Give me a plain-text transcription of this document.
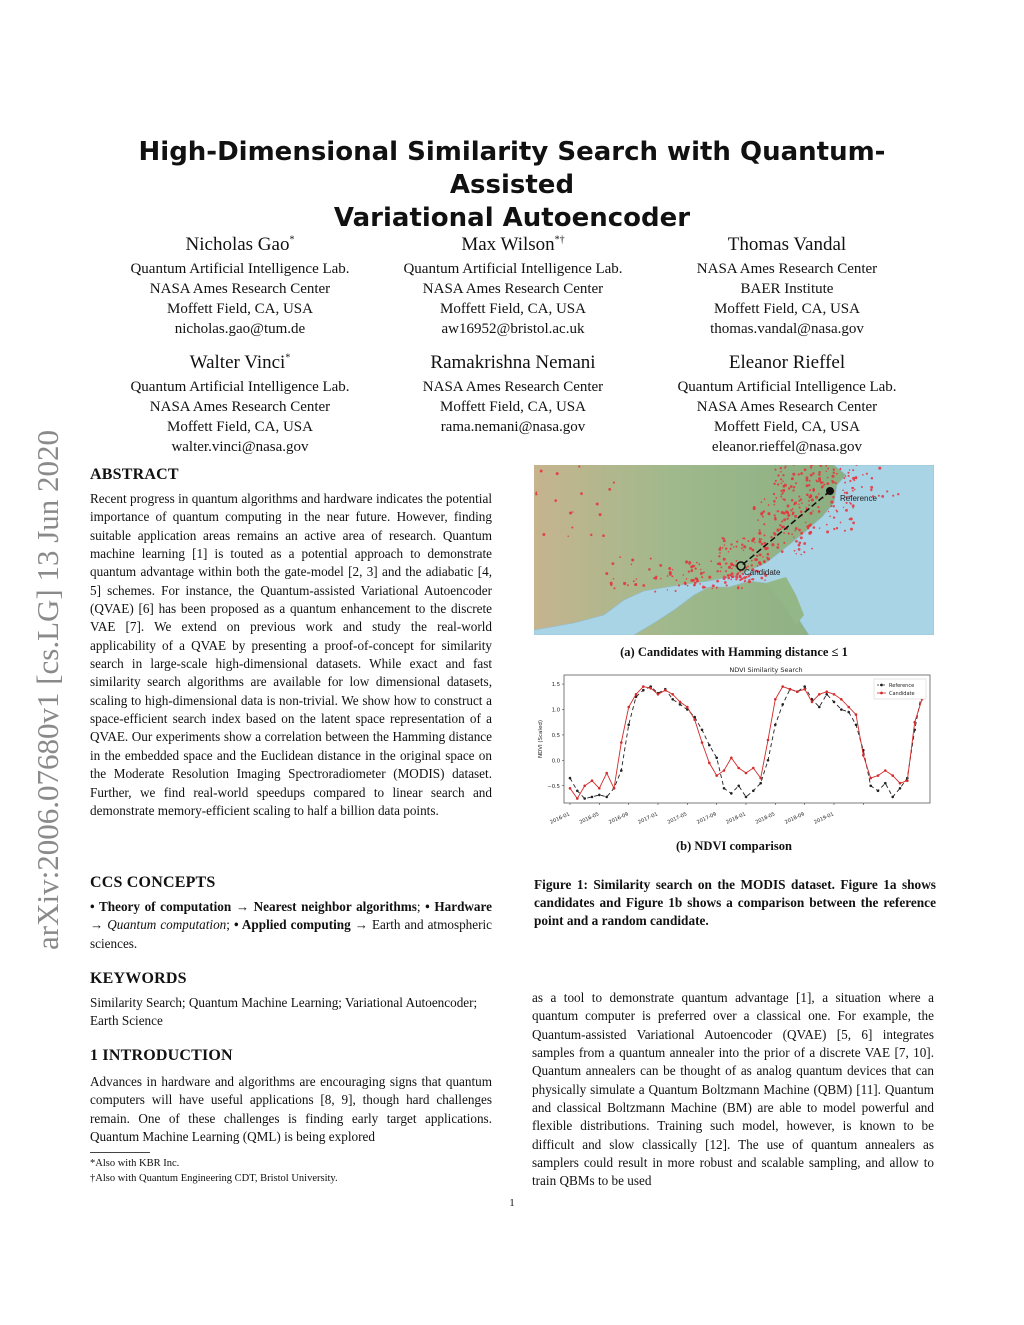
arXiv:2006.07680v1 [cs.LG] 13 Jun 2020
High-Dimensional Similarity Search with Quantum-Assisted
Variational Autoencoder
Nicholas Gao*
Quantum Artificial Intelligence Lab.
NASA Ames Research Center
Moffett Field, CA, USA
nicholas.gao@tum.de
Max Wilson*†
Quantum Artificial Intelligence Lab.
NASA Ames Research Center
Moffett Field, CA, USA
aw16952@bristol.ac.uk
Thomas Vandal
NASA Ames Research Center
BAER Institute
Moffett Field, CA, USA
thomas.vandal@nasa.gov
Walter Vinci*
Quantum Artificial Intelligence Lab.
NASA Ames Research Center
Moffett Field, CA, USA
walter.vinci@nasa.gov
Ramakrishna Nemani
NASA Ames Research Center
Moffett Field, CA, USA
rama.nemani@nasa.gov
Eleanor Rieffel
Quantum Artificial Intelligence Lab.
NASA Ames Research Center
Moffett Field, CA, USA
eleanor.rieffel@nasa.gov
ABSTRACT

Recent progress in quantum algorithms and hardware indicates the potential importance of quantum computing in the near future. However, finding suitable application areas remains an active area of research. Quantum machine learning [1] is touted as a potential approach to demonstrate quantum advantage within both the gate-model [2, 3] and the adiabatic [4, 5] schemes. For instance, the Quantum-assisted Variational Autoencoder (QVAE) [6] has been proposed as a quantum enhancement to the discrete VAE [7]. We extend on previous work and study the real-world applicability of a QVAE by presenting a proof-of-concept for similarity search in large-scale high-dimensional datasets. While exact and fast similarity search algorithms are available for low dimensional datasets, scaling to high-dimensional data is non-trivial. We show how to construct a space-efficient search index based on the latent space representation of a QVAE. Our experiments show a correlation between the Hamming distance in the embedded space and the Euclidean distance in the original space on the Moderate Resolution Imaging Spectroradiometer (MODIS) dataset. Further, we find real-world speedups compared to linear search and demonstrate memory-efficient scaling to half a billion data points.

CCS CONCEPTS

• Theory of computation → Nearest neighbor algorithms; • Hardware → Quantum computation; • Applied computing → Earth and atmospheric sciences.

KEYWORDS

Similarity Search; Quantum Machine Learning; Variational Autoencoder; Earth Science

1 INTRODUCTION

Advances in hardware and algorithms are encouraging signs that quantum computers will have useful applications [8, 9], though hard challenges remain. One of these challenges is finding early target applications. Quantum Machine Learning (QML) is being explored

as a tool to demonstrate quantum advantage [1], a situation where a quantum computer is preferred over a classical one. For example, the Quantum-assisted Variational Autoencoder (QVAE) [5, 6] integrates samples from a quantum annealer into the prior of a discrete VAE [7, 10]. Quantum annealers can be thought of as analog quantum devices that can physically simulate a Quantum Boltzmann Machine (QBM) [11]. Quantum and classical Boltzmann Machine (BM) are able to model powerful and flexible distributions. Training such model, however, is known to be difficult and slow classically [12]. The use of quantum annealers as samplers could result in more robust and scalable sampling, and allow to train QBMs to be used

*Also with KBR Inc.
†Also with Quantum Engineering CDT, Bristol University.
1
Reference
Candidate
(a) Candidates with Hamming distance ≤ 1
NDVI Similarity Search
NDVI (Scaled)
−0.5
0.0
0.5
1.0
1.5
2016-01 2016-05 2016-09 2017-01 2017-05 2017-09 2018-01 2018-05 2018-09 2019-01
Reference
Candidate
(b) NDVI comparison
Figure 1: Similarity search on the MODIS dataset. Figure 1a shows candidates and Figure 1b shows a comparison between the reference point and a random candidate.
